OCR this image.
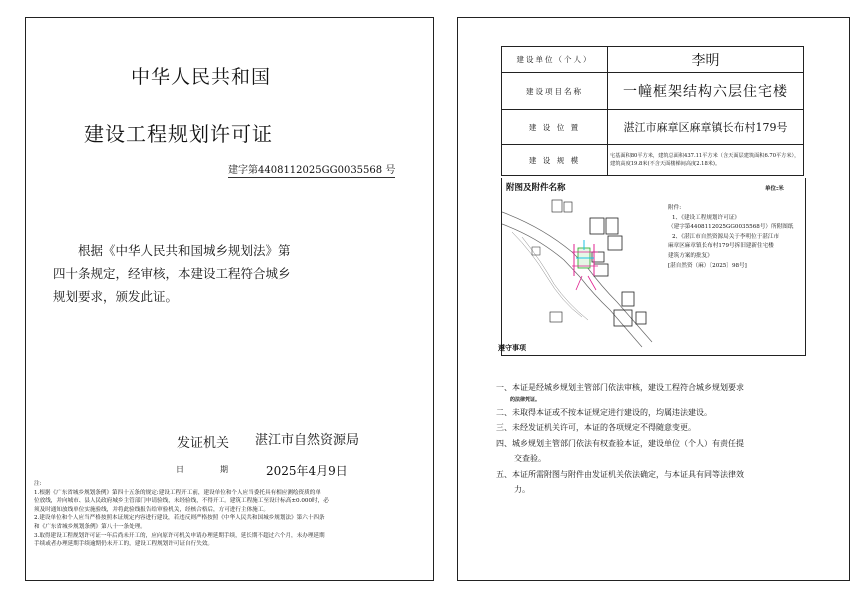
中华人民共和国
建设工程规划许可证
建字第4408112025GG0035568 号

根据《中华人民共和国城乡规划法》第

四十条规定，经审核，本建设工程符合城乡

规划要求，颁发此证。

发证机关 湛江市自然资源局
日期 2025年4月9日
注:
1.根据《广东省城乡规划条例》第四十五条的规定:建设工程开工前，建设单位和个人应当委托具有相应测绘资质的单
位放线，并向城市、县人民政府城乡主管部门申请验线，未经验线，不得开工。建筑工程施工至设计标高±0.000时，必
须及时通知放线单位实施验线，并将此验线报告给审验机关，经核合格后，方可进行主体施工。
2.建设单位和个人应当严格按照本证规定内容进行建设，若违反则严格按照《中华人民共和国城乡规划法》第六十四条
和《广东省城乡规划条例》第八十一条处理。
3.取得建设工程规划许可证一年后尚未开工的，应向原许可机关申请办理延期手续，延长期不超过六个月，未办理延期
手续或者办理延期手续逾期仍未开工的，建设工程规划许可证自行失效。
建设单位（个人）	李明
建设项目名称	一幢框架结构六层住宅楼
建 设 位 置	湛江市麻章区麻章镇长布村179号
建 设 规 模	宅基面积80平方米，建筑总面积437.11平方米（含天面层建筑面积6.70平方米），
建筑高度19.8米(不含天面楼梯间高度2.18米)。
附图及附件名称	单位:米
附件:
1、《建设工程规划许可证》
（建字第4408112025GG0035568号）所附图纸
2、《湛江市自然资源局关于李明位于湛江市
麻章区麻章镇长布村179号拆旧建新住宅楼
建筑方案的批复》
[湛自然资（麻）〔2025〕98号]
遵守事项
一、本证是经城乡规划主管部门依法审核，建设工程符合城乡规划要求
的法律凭证。
二、未取得本证或不按本证规定进行建设的，均属违法建设。
三、未经发证机关许可，本证的各项规定不得随意变更。
四、城乡规划主管部门依法有权查验本证，建设单位（个人）有责任提
交查验。
五、本证所需附图与附件由发证机关依法确定，与本证具有同等法律效
力。
